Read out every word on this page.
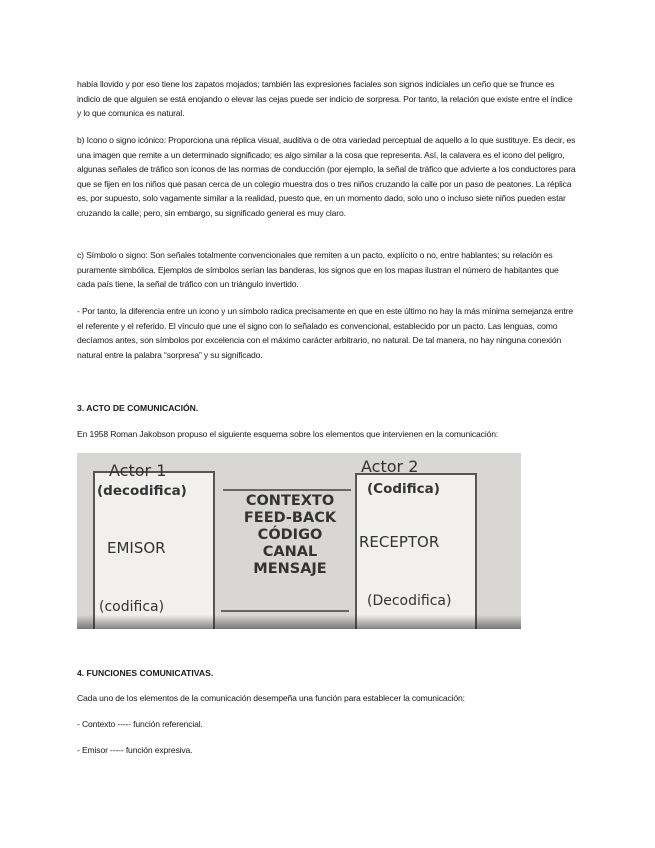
había llovido y por eso tiene los zapatos mojados; también las expresiones faciales son signos indiciales un ceño que se frunce es indicio de que alguien se está enojando o elevar las cejas puede ser indicio de sorpresa. Por tanto, la relación que existe entre el índice y lo que comunica es natural.

b) Icono o signo icónico: Proporciona una réplica visual, auditiva o de otra variedad perceptual de aquello a lo que sustituye. Es decir, es una imagen que remite a un determinado significado; es algo similar a la cosa que representa. Así, la calavera es el icono del peligro, algunas señales de tráfico son iconos de las normas de conducción (por ejemplo, la señal de tráfico que advierte a los conductores para que se fijen en los niños que pasan cerca de un colegio muestra dos o tres niños cruzando la calle por un paso de peatones. La réplica es, por supuesto, solo vagamente similar a la realidad, puesto que, en un momento dado, solo uno o incluso siete niños pueden estar cruzando la calle; pero, sin embargo, su significado general es muy claro.

c) Símbolo o signo: Son señales totalmente convencionales que remiten a un pacto, explícito o no, entre hablantes; su relación es puramente simbólica. Ejemplos de símbolos serían las banderas, los signos que en los mapas ilustran el número de habitantes que cada país tiene, la señal de tráfico con un triángulo invertido.

- Por tanto, la diferencia entre un icono y un símbolo radica precisamente en que en este último no hay la más mínima semejanza entre el referente y el referido. El vínculo que une el signo con lo señalado es convencional, establecido por un pacto. Las lenguas, como decíamos antes, son símbolos por excelencia con el máximo carácter arbitrario, no natural. De tal manera, no hay ninguna conexión natural entre la palabra “sorpresa” y su significado.

3. ACTO DE COMUNICACIÓN.

En 1958 Roman Jakobson propuso el siguiente esquema sobre los elementos que intervienen en la comunicación:

Actor 1
(decodifica)
EMISOR
(codifica)
CONTEXTO
FEED-BACK
CÓDIGO
CANAL
MENSAJE
Actor 2
(Codifica)
RECEPTOR
(Decodifica)

4. FUNCIONES COMUNICATIVAS.

Cada uno de los elementos de la comunicación desempeña una función para establecer la comunicación:

- Contexto ----- función referencial.

- Emisor ----- función expresiva.
